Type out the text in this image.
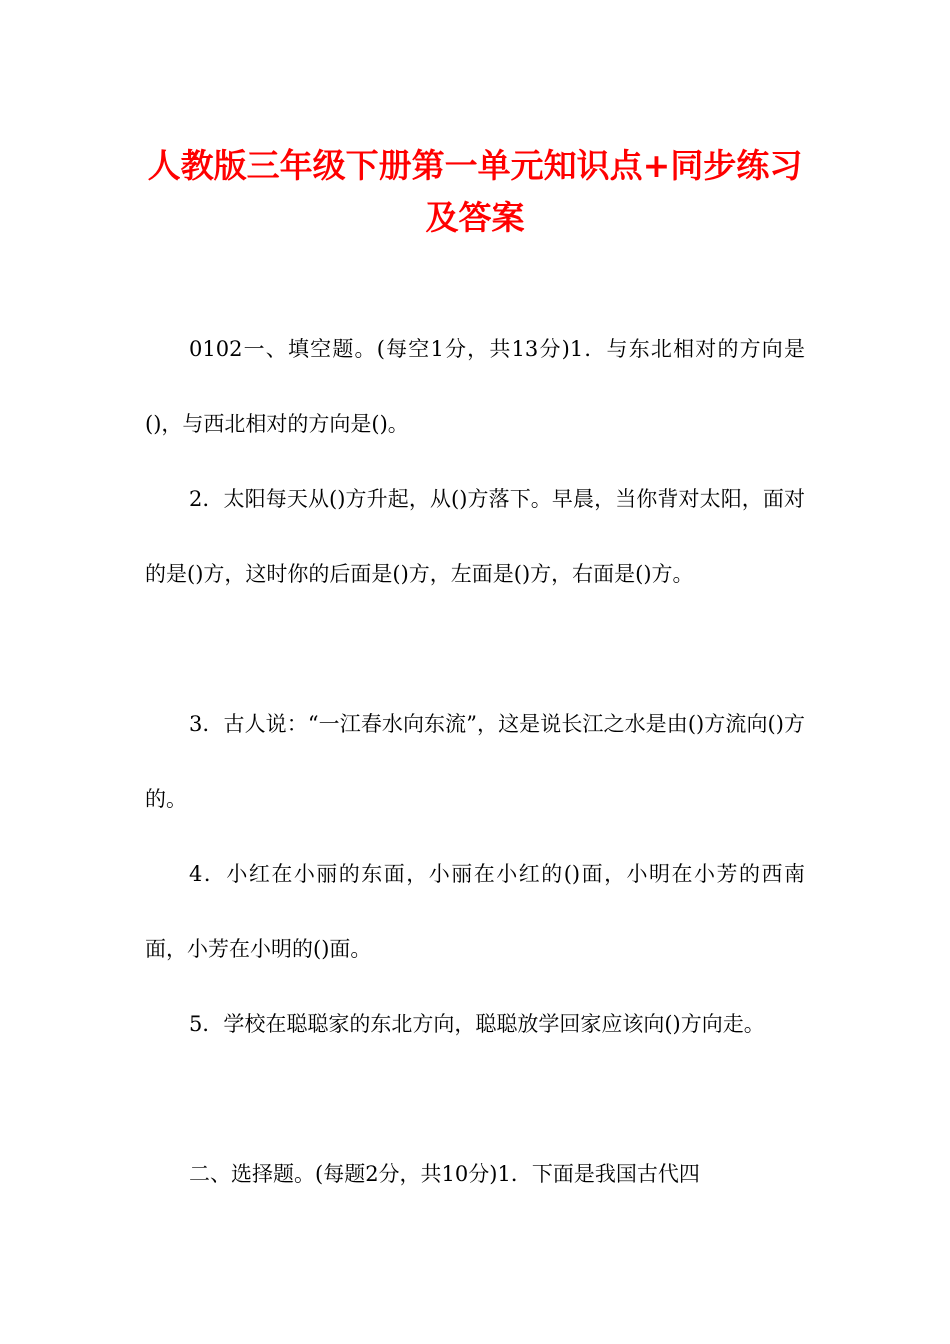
人教版三年级下册第一单元知识点+同步练习
及答案

0102一、填空题。(每空1分，共13分)1．与东北相对的方向是()，与西北相对的方向是()。

2．太阳每天从()方升起，从()方落下。早晨，当你背对太阳，面对的是()方，这时你的后面是()方，左面是()方，右面是()方。

3．古人说：“一江春水向东流”，这是说长江之水是由()方流向()方的。

4．小红在小丽的东面，小丽在小红的()面，小明在小芳的西南面，小芳在小明的()面。

5．学校在聪聪家的东北方向，聪聪放学回家应该向()方向走。

二、选择题。(每题2分，共10分)1．下面是我国古代四
